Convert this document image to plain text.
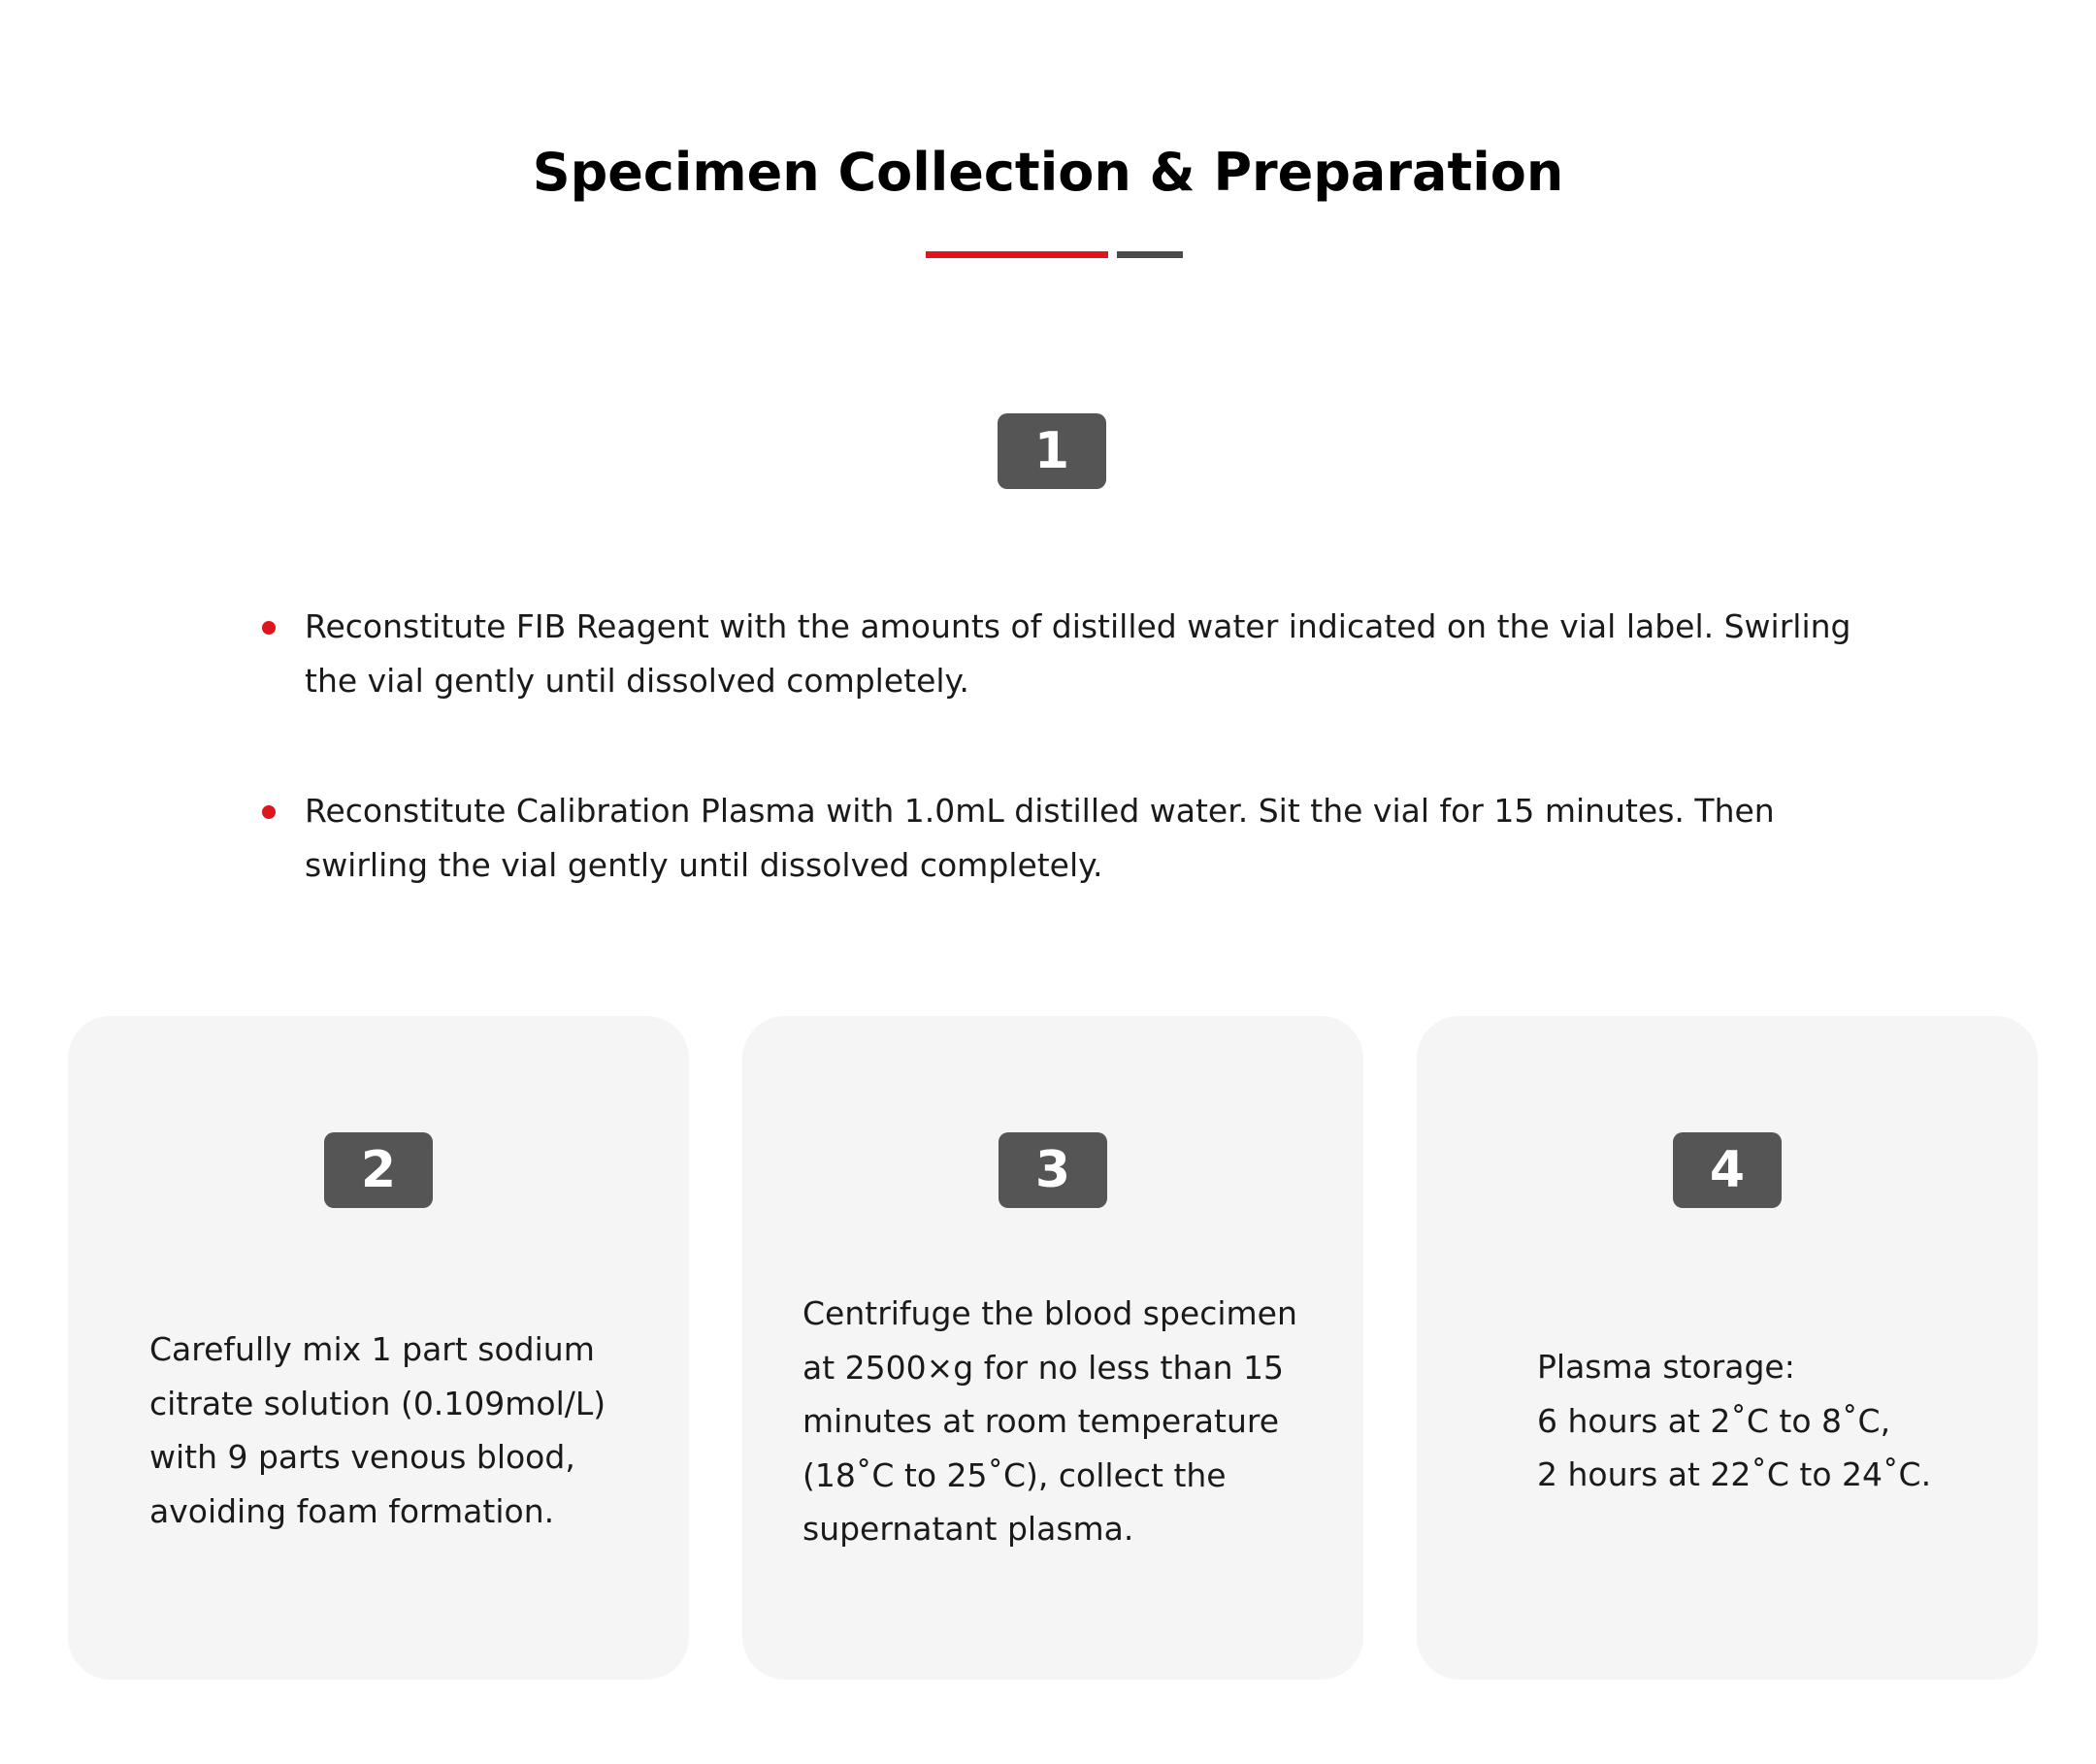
Specimen Collection & Preparation
1
Reconstitute FIB Reagent with the amounts of distilled water indicated on the vial label. Swirling the vial gently until dissolved completely.
Reconstitute Calibration Plasma with 1.0mL distilled water. Sit the vial for 15 minutes. Then swirling the vial gently until dissolved completely.
2
Carefully mix 1 part sodium
citrate solution (0.109mol/L)
with 9 parts venous blood,
avoiding foam formation.
3
Centrifuge the blood specimen
at 2500×g for no less than 15
minutes at room temperature
(18˚C to 25˚C), collect the
supernatant plasma.
4
Plasma storage:
6 hours at 2˚C to 8˚C,
2 hours at 22˚C to 24˚C.
